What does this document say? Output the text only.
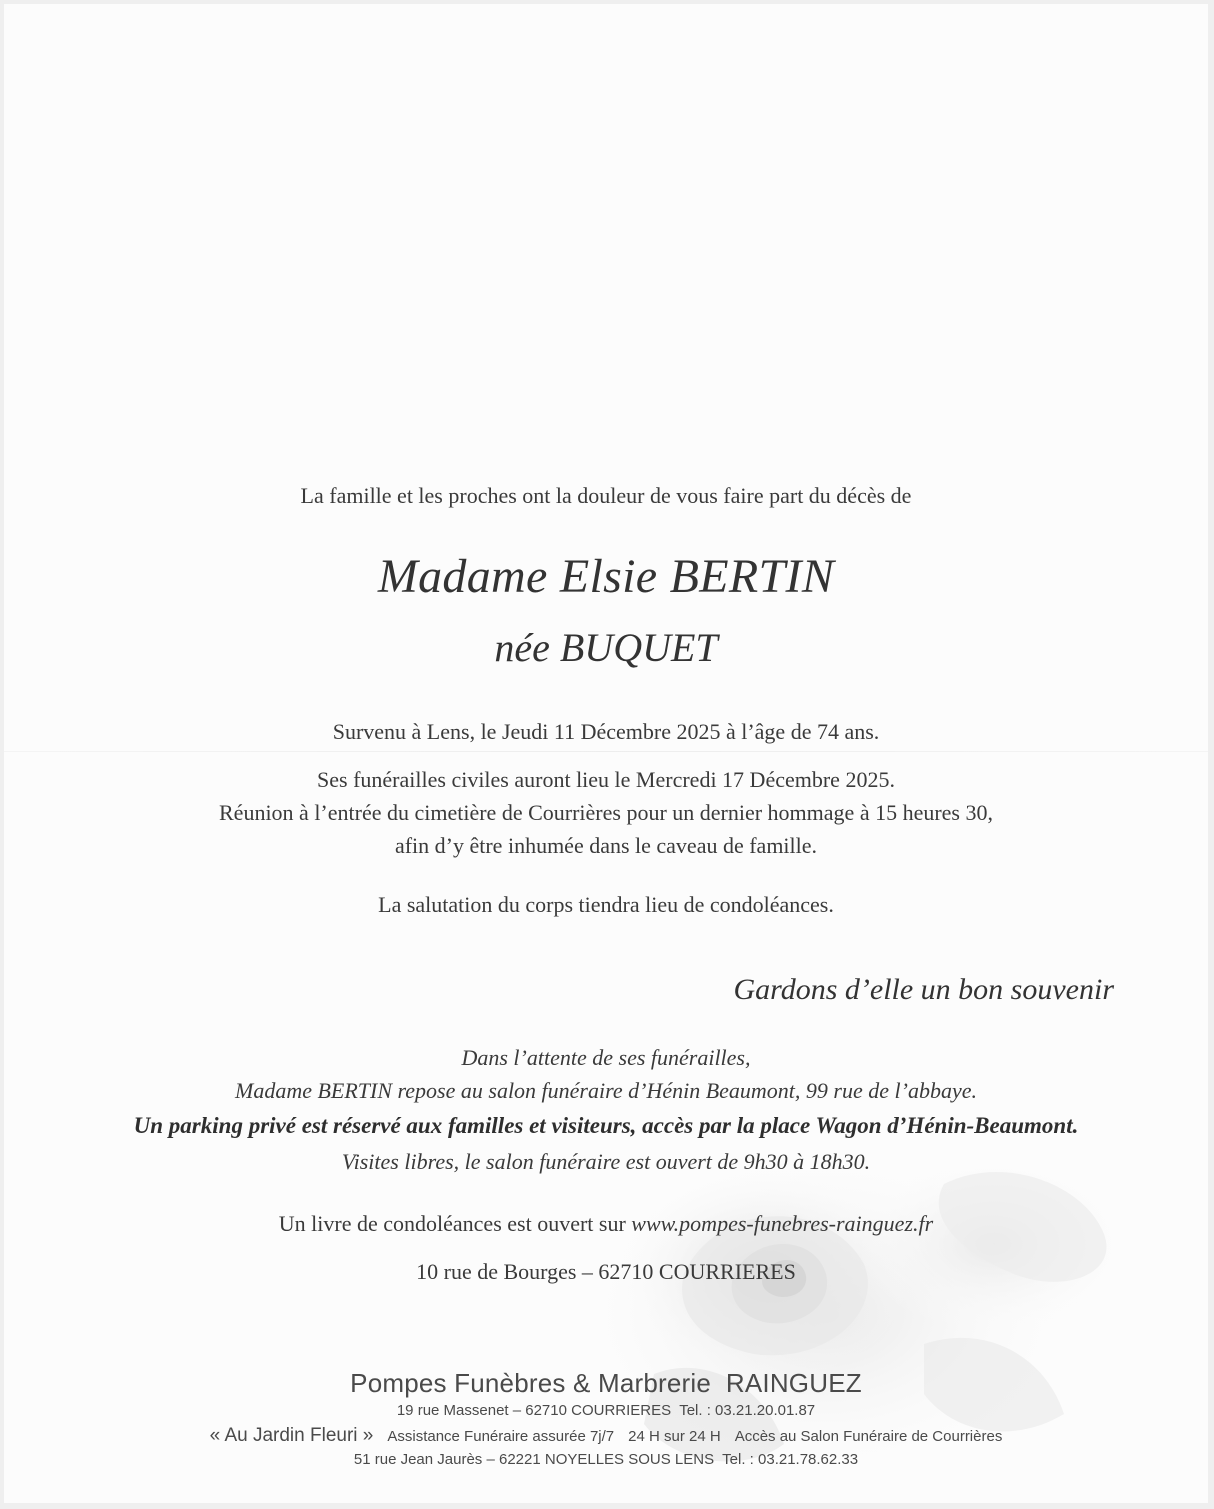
La famille et les proches ont la douleur de vous faire part du décès de
Madame Elsie BERTIN
née BUQUET
Survenu à Lens, le Jeudi 11 Décembre 2025 à l’âge de 74 ans.
Ses funérailles civiles auront lieu le Mercredi 17 Décembre 2025.
Réunion à l’entrée du cimetière de Courrières pour un dernier hommage à 15 heures 30,
afin d’y être inhumée dans le caveau de famille.
La salutation du corps tiendra lieu de condoléances.
Gardons d’elle un bon souvenir
Dans l’attente de ses funérailles,
Madame BERTIN repose au salon funéraire d’Hénin Beaumont, 99 rue de l’abbaye.
Un parking privé est réservé aux familles et visiteurs, accès par la place Wagon d’Hénin-Beaumont.
Visites libres, le salon funéraire est ouvert de 9h30 à 18h30.
Un livre de condoléances est ouvert sur www.pompes-funebres-rainguez.fr
10 rue de Bourges – 62710 COURRIERES
Pompes Funèbres & Marbrerie  RAINGUEZ
19 rue Massenet – 62710 COURRIERES  Tel. : 03.21.20.01.87
« Au Jardin Fleuri » Assistance Funéraire assurée 7j/7 24 H sur 24 H Accès au Salon Funéraire de Courrières
51 rue Jean Jaurès – 62221 NOYELLES SOUS LENS  Tel. : 03.21.78.62.33
